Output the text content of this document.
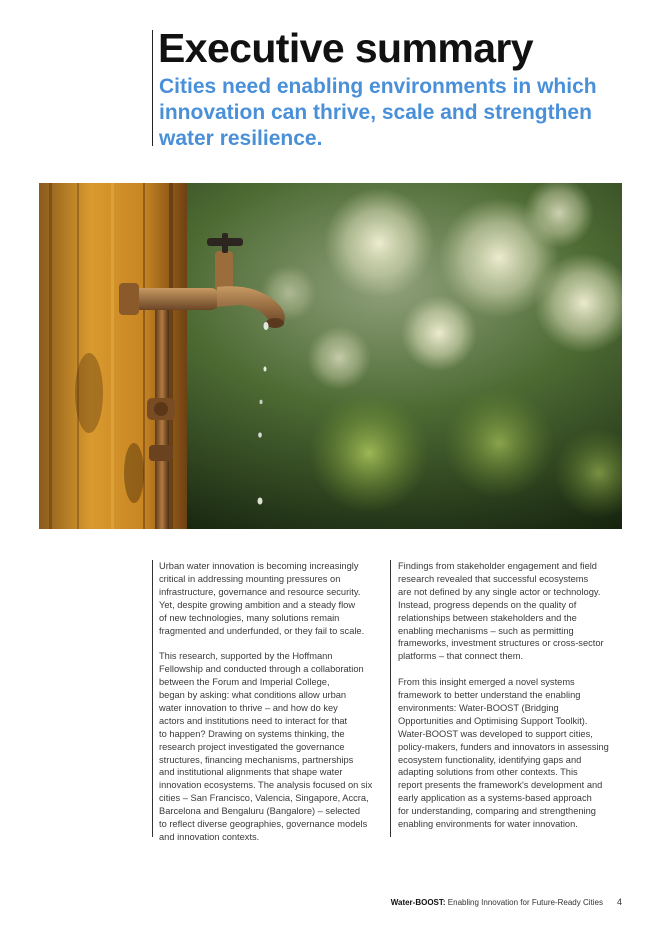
Executive summary
Cities need enabling environments in which innovation can thrive, scale and strengthen water resilience.

Urban water innovation is becoming increasingly
critical in addressing mounting pressures on
infrastructure, governance and resource security.
Yet, despite growing ambition and a steady flow
of new technologies, many solutions remain
fragmented and underfunded, or they fail to scale.

This research, supported by the Hoffmann
Fellowship and conducted through a collaboration
between the Forum and Imperial College,
began by asking: what conditions allow urban
water innovation to thrive – and how do key
actors and institutions need to interact for that
to happen? Drawing on systems thinking, the
research project investigated the governance
structures, financing mechanisms, partnerships
and institutional alignments that shape water
innovation ecosystems. The analysis focused on six
cities – San Francisco, Valencia, Singapore, Accra,
Barcelona and Bengaluru (Bangalore) – selected
to reflect diverse geographies, governance models
and innovation contexts.

Findings from stakeholder engagement and field
research revealed that successful ecosystems
are not defined by any single actor or technology.
Instead, progress depends on the quality of
relationships between stakeholders and the
enabling mechanisms – such as permitting
frameworks, investment structures or cross-sector
platforms – that connect them.

From this insight emerged a novel systems
framework to better understand the enabling
environments: Water-BOOST (Bridging
Opportunities and Optimising Support Toolkit).
Water-BOOST was developed to support cities,
policy-makers, funders and innovators in assessing
ecosystem functionality, identifying gaps and
adapting solutions from other contexts. This
report presents the framework's development and
early application as a systems-based approach
for understanding, comparing and strengthening
enabling environments for water innovation.

Water-BOOST: Enabling Innovation for Future-Ready Cities 4
